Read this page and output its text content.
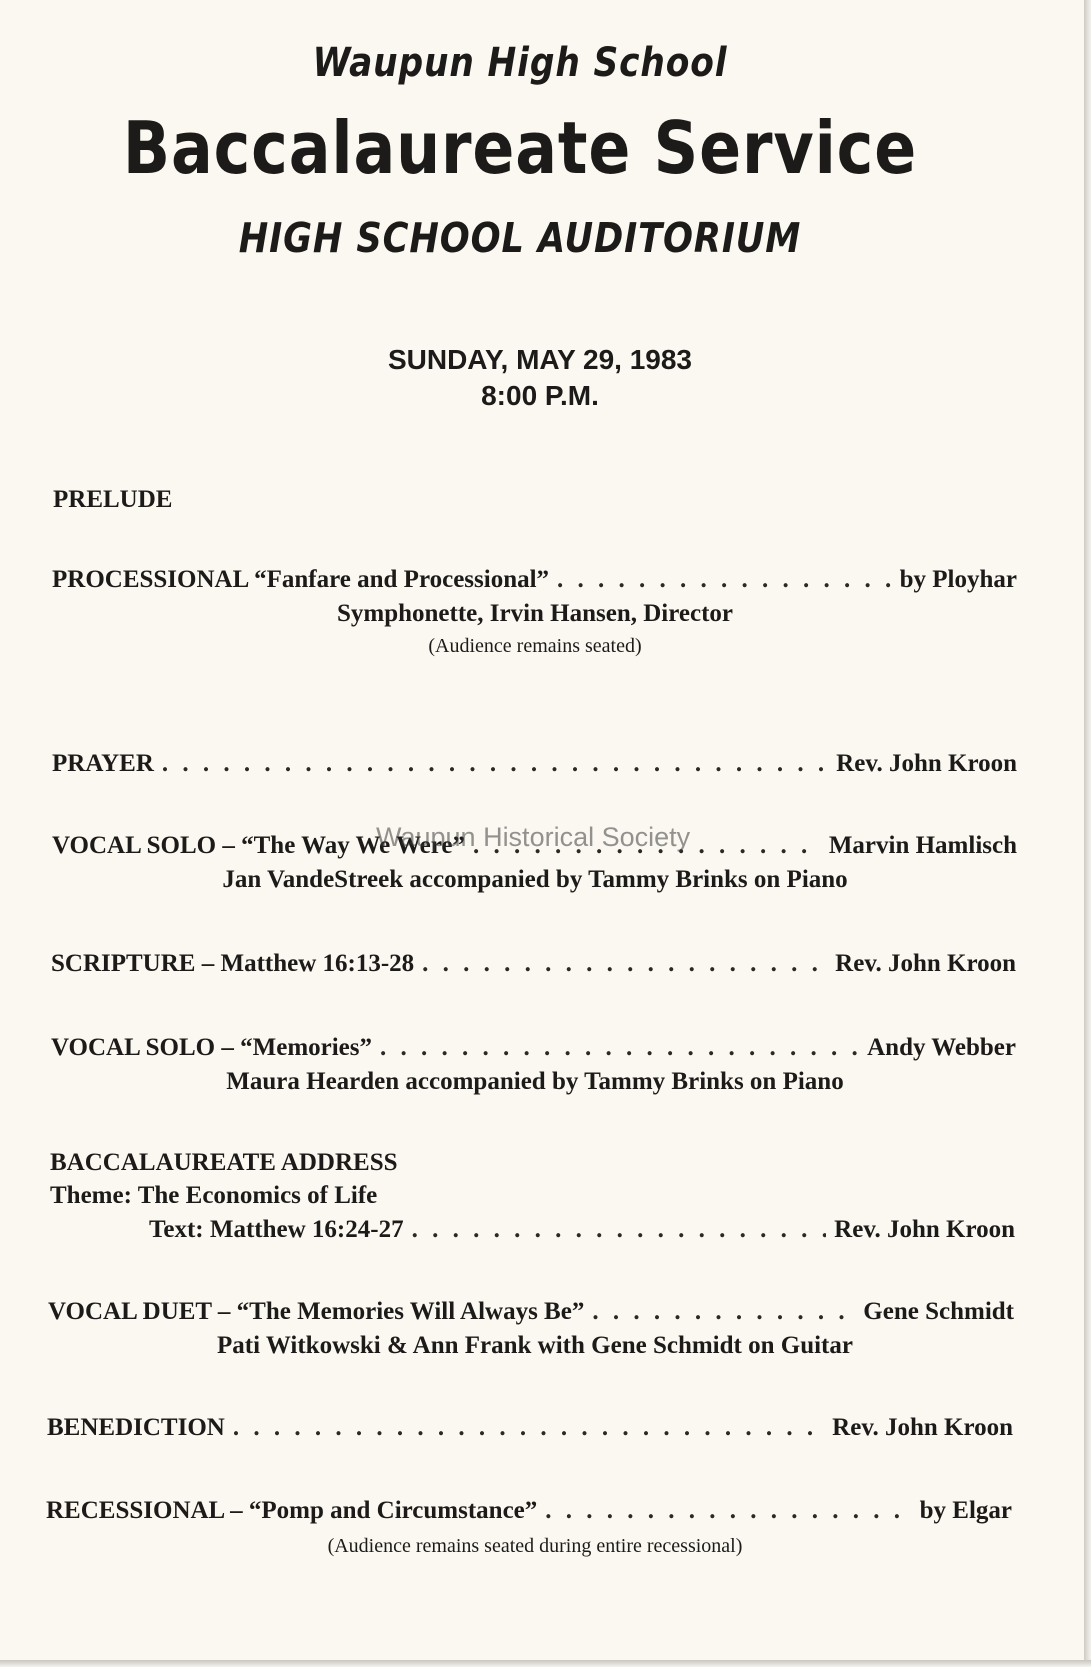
Waupun High School
Baccalaureate Service
HIGH SCHOOL AUDITORIUM
SUNDAY, MAY 29, 1983
8:00 P.M.
PRELUDE
PROCESSIONAL “Fanfare and Processional” . . .	by Ployhar
Symphonette, Irvin Hansen, Director
(Audience remains seated)
PRAYER . . .	Rev. John Kroon
VOCAL SOLO – “The Way We Were” . . .	Marvin Hamlisch
Jan VandeStreek accompanied by Tammy Brinks on Piano
SCRIPTURE – Matthew 16:13-28 . . .	Rev. John Kroon
VOCAL SOLO – “Memories” . . .	Andy Webber
Maura Hearden accompanied by Tammy Brinks on Piano
BACCALAUREATE ADDRESS
Theme: The Economics of Life
Text: Matthew 16:24-27 . . .	Rev. John Kroon
VOCAL DUET – “The Memories Will Always Be” . . .	Gene Schmidt
Pati Witkowski & Ann Frank with Gene Schmidt on Guitar
BENEDICTION . . .	Rev. John Kroon
RECESSIONAL – “Pomp and Circumstance” . . .	by Elgar
(Audience remains seated during entire recessional)
Waupun Historical Society
